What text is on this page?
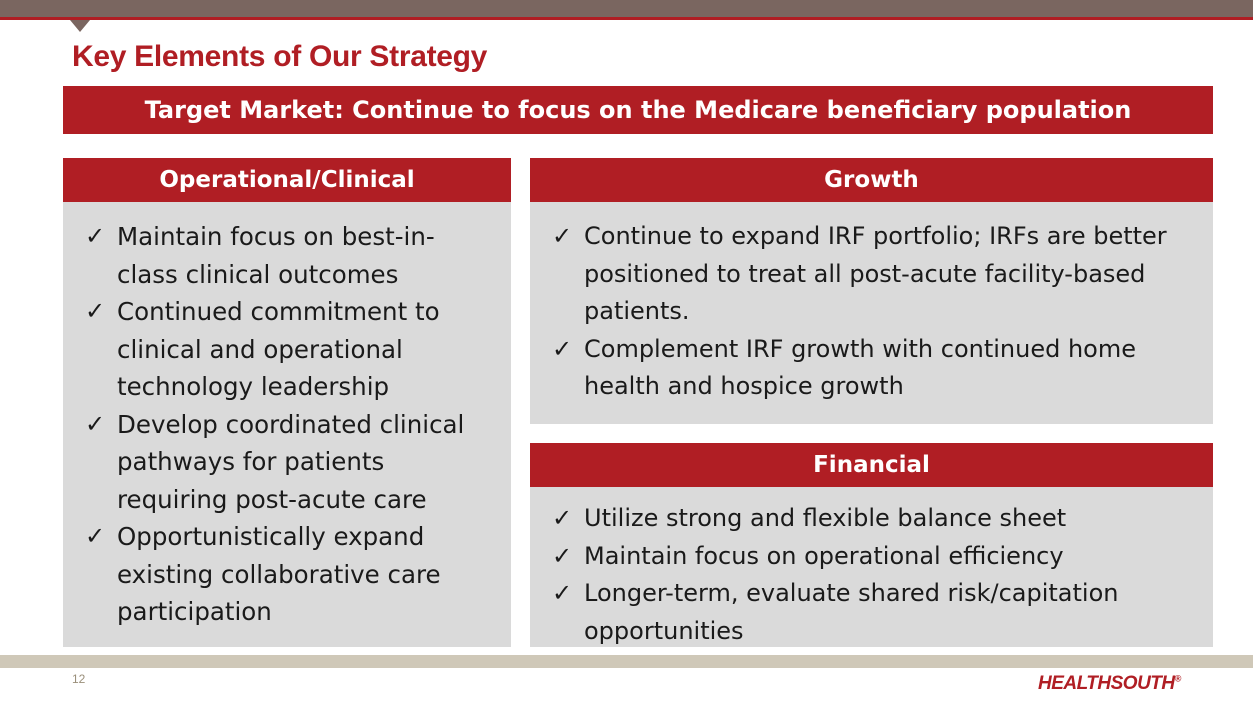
Key Elements of Our Strategy
Target Market: Continue to focus on the Medicare beneficiary population
Operational/Clinical
✓ Maintain focus on best-in-class clinical outcomes
✓ Continued commitment to clinical and operational technology leadership
✓ Develop coordinated clinical pathways for patients requiring post-acute care
✓ Opportunistically expand existing collaborative care participation
Growth
✓ Continue to expand IRF portfolio; IRFs are better positioned to treat all post-acute facility-based patients.
✓ Complement IRF growth with continued home health and hospice growth
Financial
✓ Utilize strong and flexible balance sheet
✓ Maintain focus on operational efficiency
✓ Longer-term, evaluate shared risk/capitation opportunities
12	HEALTHSOUTH®
